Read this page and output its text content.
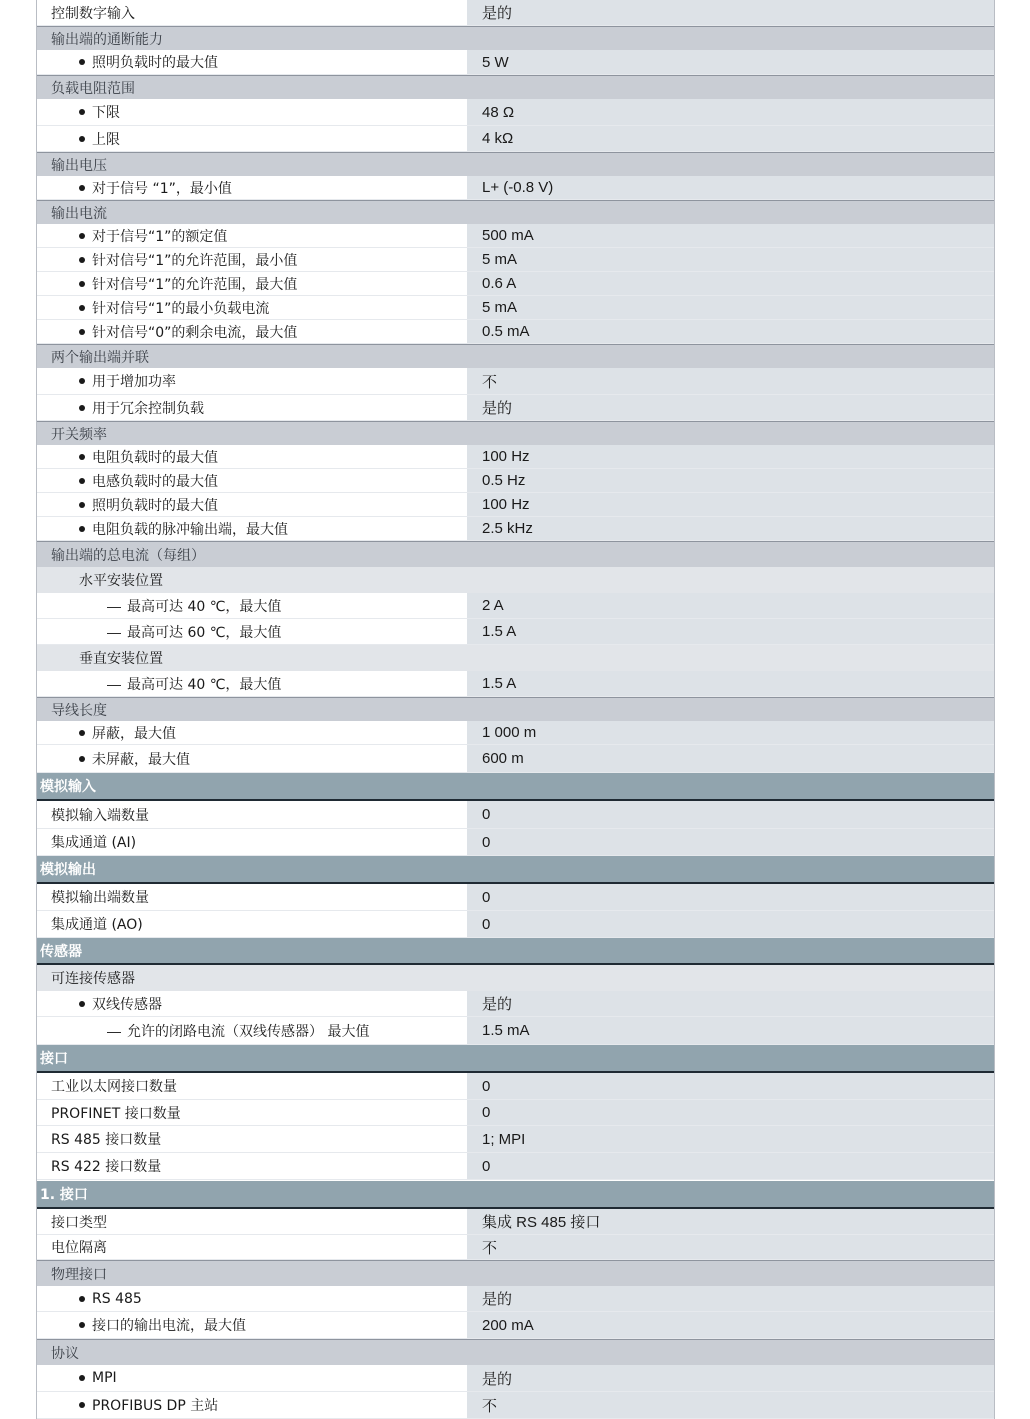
控制数字输入	是的
输出端的通断能力
照明负载时的最大值	5 W
负载电阻范围
下限	48 Ω
上限	4 kΩ
输出电压
对于信号 “1”，最小值	L+ (-0.8 V)
输出电流
对于信号“1”的额定值	500 mA
针对信号“1”的允许范围，最小值	5 mA
针对信号“1”的允许范围，最大值	0.6 A
针对信号“1”的最小负载电流	5 mA
针对信号“0”的剩余电流，最大值	0.5 mA
两个输出端并联
用于增加功率	不
用于冗余控制负载	是的
开关频率
电阻负载时的最大值	100 Hz
电感负载时的最大值	0.5 Hz
照明负载时的最大值	100 Hz
电阻负载的脉冲输出端，最大值	2.5 kHz
输出端的总电流（每组）
水平安装位置
— 最高可达 40 ℃，最大值	2 A
— 最高可达 60 ℃，最大值	1.5 A
垂直安装位置
— 最高可达 40 ℃，最大值	1.5 A
导线长度
屏蔽，最大值	1 000 m
未屏蔽，最大值	600 m
模拟输入
模拟输入端数量	0
集成通道 (AI)	0
模拟输出
模拟输出端数量	0
集成通道 (AO)	0
传感器
可连接传感器
双线传感器	是的
— 允许的闭路电流（双线传感器） 最大值	1.5 mA
接口
工业以太网接口数量	0
PROFINET 接口数量	0
RS 485 接口数量	1; MPI
RS 422 接口数量	0
1. 接口
接口类型	集成 RS 485 接口
电位隔离	不
物理接口
RS 485	是的
接口的输出电流，最大值	200 mA
协议
MPI	是的
PROFIBUS DP 主站	不
